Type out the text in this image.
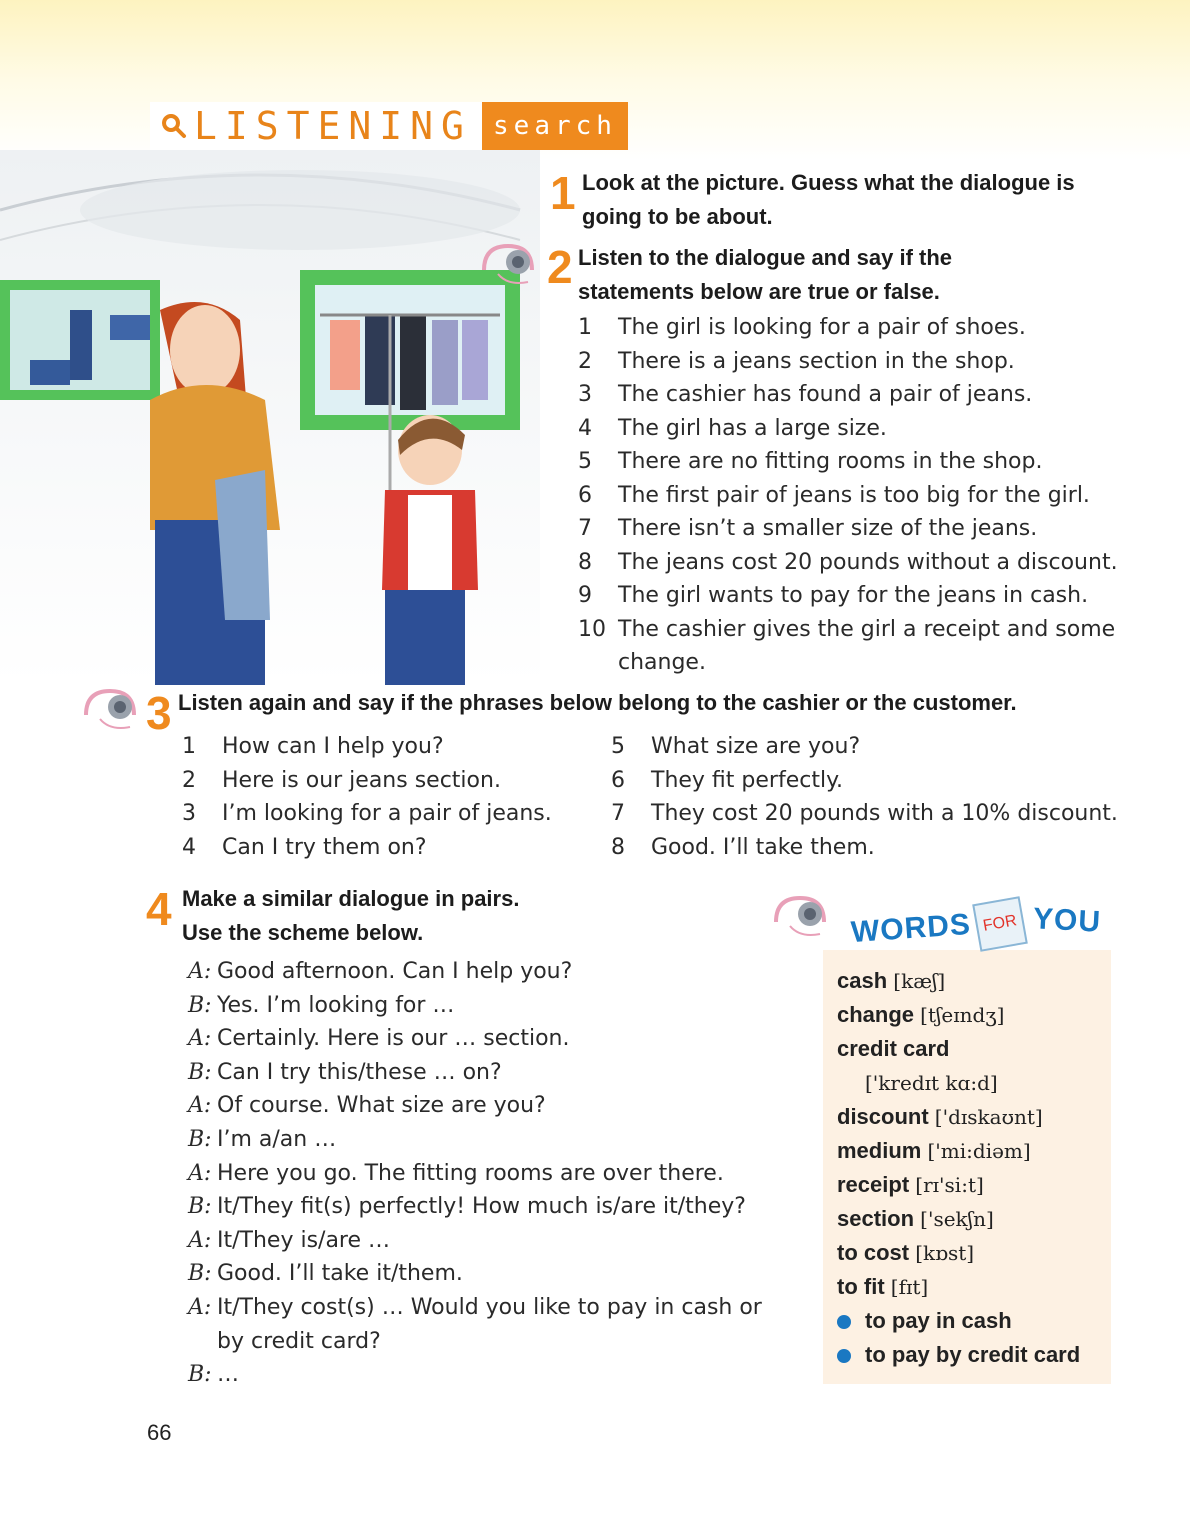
LISTENING search
1 Look at the picture. Guess what the dialogue is going to be about.
2 Listen to the dialogue and say if the statements below are true or false.
1	The girl is looking for a pair of shoes.
2	There is a jeans section in the shop.
3	The cashier has found a pair of jeans.
4	The girl has a large size.
5	There are no fitting rooms in the shop.
6	The first pair of jeans is too big for the girl.
7	There isn’t a smaller size of the jeans.
8	The jeans cost 20 pounds without a discount.
9	The girl wants to pay for the jeans in cash.
10 The cashier gives the girl a receipt and some change.
3 Listen again and say if the phrases below belong to the cashier or the customer.
1	How can I help you?
2	Here is our jeans section.
3	I’m looking for a pair of jeans.
4	Can I try them on?
5	What size are you?
6	They fit perfectly.
7	They cost 20 pounds with a 10% discount.
8	Good. I’ll take them.
4 Make a similar dialogue in pairs.
Use the scheme below.
A: Good afternoon. Can I help you?
B: Yes. I’m looking for …
A: Certainly. Here is our … section.
B: Can I try this/these … on?
A: Of course. What size are you?
B: I’m a/an …
A: Here you go. The fitting rooms are over there.
B: It/They fit(s) perfectly! How much is/are it/they?
A: It/They is/are …
B: Good. I’ll take it/them.
A: It/They cost(s) … Would you like to pay in cash or
by credit card?
B: …
WORDS FOR YOU
cash [kæʃ]
change [tʃeɪndʒ]
credit card
['kredɪt kɑ:d]
discount ['dɪskaʊnt]
medium ['mi:diəm]
receipt [rɪ'si:t]
section ['sekʃn]
to cost [kɒst]
to fit [fɪt]
to pay in cash
to pay by credit card
66
